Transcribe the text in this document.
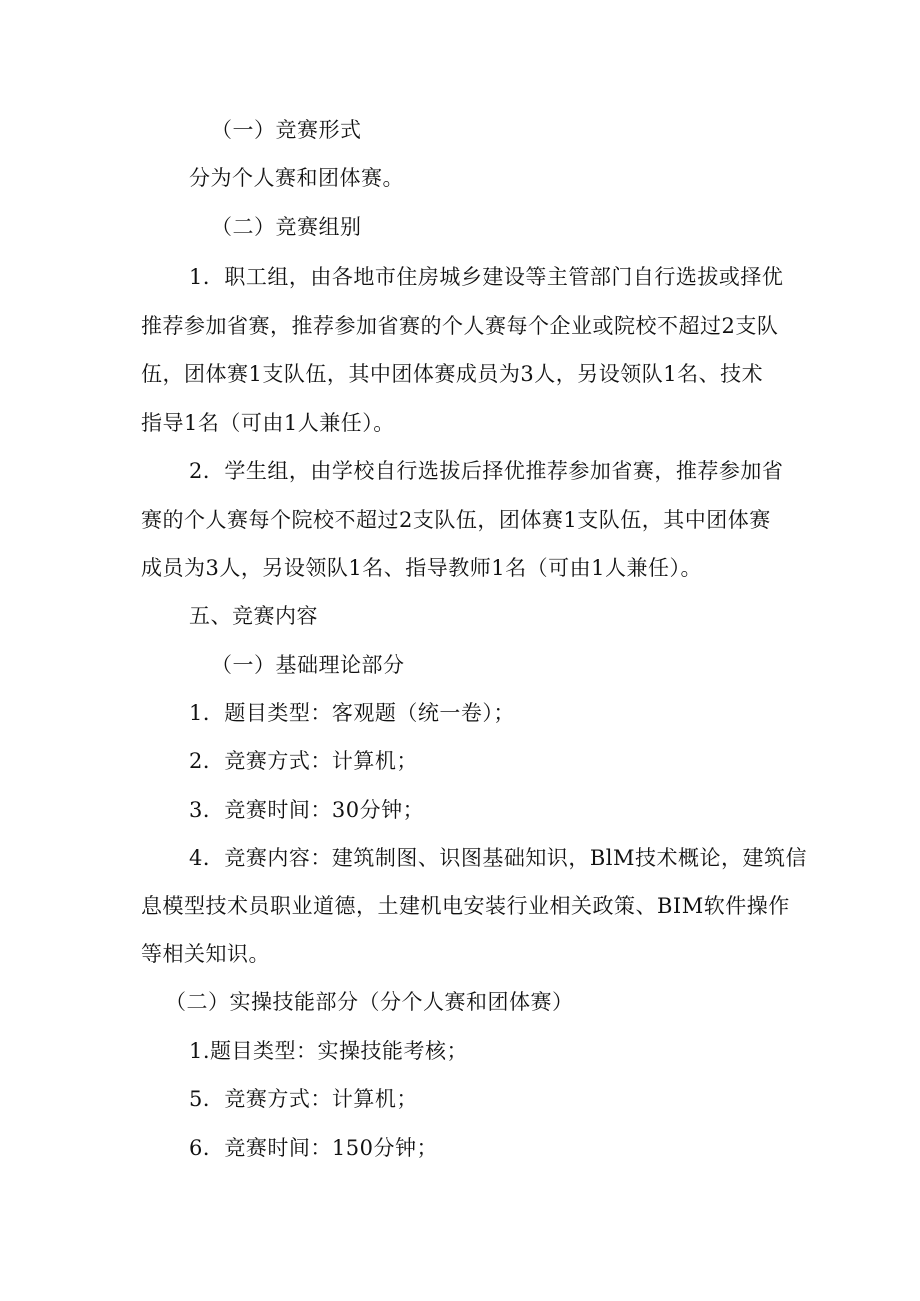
（一）竞赛形式
分为个人赛和团体赛。
（二）竞赛组别
1．职工组，由各地市住房城乡建设等主管部门自行选拔或择优
推荐参加省赛，推荐参加省赛的个人赛每个企业或院校不超过2支队
伍，团体赛1支队伍，其中团体赛成员为3人，另设领队1名、技术
指导1名（可由1人兼任）。
2．学生组，由学校自行选拔后择优推荐参加省赛，推荐参加省
赛的个人赛每个院校不超过2支队伍，团体赛1支队伍，其中团体赛
成员为3人，另设领队1名、指导教师1名（可由1人兼任）。
五、竞赛内容
（一）基础理论部分
1．题目类型：客观题（统一卷）；
2．竞赛方式：计算机；
3．竞赛时间：30分钟；
4．竞赛内容：建筑制图、识图基础知识，BlM技术概论，建筑信
息模型技术员职业道德，土建机电安装行业相关政策、BIM软件操作
等相关知识。
（二）实操技能部分（分个人赛和团体赛）
1.题目类型：实操技能考核；
5．竞赛方式：计算机；
6．竞赛时间：150分钟；
